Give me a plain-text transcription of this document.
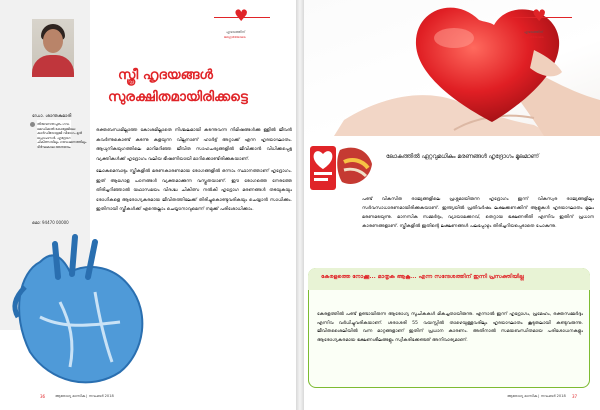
ഡോ. ശാന്തകുമാരി
തിരുവനന്തപുരം ഗവ. മെഡിക്കൽ കോളേജിലെ കാർഡിയോളജി വിഭാഗം മുൻ പ്രൊഫസർ. ഹൃദ്രോഗ ചികിത്സയിലും ഗവേഷണത്തിലും ദീർഘകാല അനുഭവം.
മൊ: 94470 00000
♥
ഹൃദയത്തിന്
ജാഗ്രതയോടെ
സ്ത്രീ ഹൃദയങ്ങൾ
സുരക്ഷിതമായിരിക്കട്ടെ

രക്തബന്ധമില്ലാത്ത കോശമില്ലാതെ നിശ്ചലമായി കടന്നുവന്ന നിമിഷങ്ങൾക്കു ള്ളിൽ ജീവൻ കവർന്നുകൊണ്ട് കടന്നു കളയുന്ന വില്ലനാണ് ഹാർട്ട് അറ്റാക്ക് എന്ന ഹൃദയാഘാതം. ആധുനികയുഗത്തിലെ മാറിമറിഞ്ഞ ജീവിത സാഹചര്യങ്ങളിൽ ജീവിക്കാൻ വിധിക്കപ്പെട്ട വ്യക്തികൾക്ക് ഹൃദ്രോഗം വലിയ ഭീഷണിയായി മാറിക്കൊണ്ടിരിക്കുകയാണ്.

ലോകമെമ്പാടും സ്ത്രീകളിൽ മരണകാരണമായ രോഗങ്ങളിൽ ഒന്നാം സ്ഥാനത്താണ് ഹൃദ്രോഗം. ഇത് ആഗോള പഠനങ്ങൾ വ്യക്തമാക്കുന്ന വസ്തുതയാണ്. ഈ രോഗത്തെ നേരത്തേ തിരിച്ചറിഞ്ഞാൽ യഥാസമയം വിദഗ്ദ്ധ ചികിത്സ നൽകി ഹൃദ്രോഗ മരണങ്ങൾ തടയുകയും രോഗികളെ ആരോഗ്യകരമായ ജീവിതത്തിലേക്ക് തിരിച്ചുകൊണ്ടുവരികയും ചെയ്യാൻ സാധിക്കും. ഇതിനായി സ്ത്രീകൾക്ക് എന്തെല്ലാം ചെയ്യാനാവുമെന്ന് നമുക്ക് പരിശോധിക്കാം.

36	ആരോഗ്യ മാസിക | നവംബർ 2018
♥
ഹൃദയത്തിന്
ജാഗ്രതയോടെ
ലോകത്തിൽ ഏറ്റവുമധികം മരണങ്ങൾ ഹൃദ്രോഗം മൂലമാണ്
പണ്ട് വികസിത രാജ്യങ്ങളിലെ പ്രശ്നമായിരുന്ന ഹൃദ്രോഗം ഇന്ന് വികസ്വര രാജ്യങ്ങളിലും സർവസാധാരണമായിരിക്കുകയാണ്. ഇന്ത്യയിൽ പ്രതിവർഷം ലക്ഷക്കണക്കിന് ആളുകൾ ഹൃദയാഘാതം മൂലം മരണമടയുന്നു. മാനസിക സമ്മർദ്ദം, വ്യായാമക്കുറവ്, തെറ്റായ ഭക്ഷണരീതി എന്നിവ ഇതിന് പ്രധാന കാരണങ്ങളാണ്. സ്ത്രീകളിൽ ഇതിന്റെ ലക്ഷണങ്ങൾ പലപ്പോഴും തിരിച്ചറിയപ്പെടാതെ പോകുന്നു.
കേരളത്തെ നോക്കൂ... മാതൃക ആകൂ... എന്ന സന്ദേശത്തിന് ഇന്നി പ്രസക്തിയില്ല
കേരളത്തിൽ പണ്ട് ഉണ്ടായിരുന്ന ആരോഗ്യ സൂചികകൾ മികച്ചതായിരുന്നു. എന്നാൽ ഇന്ന് ഹൃദ്രോഗം, പ്രമേഹം, രക്തസമ്മർദ്ദം എന്നിവ വർധിച്ചുവരികയാണ്. ശരാശരി 55 വയസ്സിൽ താഴെയുള്ളവരിലും ഹൃദയാഘാതം കൂടുതലായി കണ്ടുവരുന്നു. ജീവിതശൈലിയിൽ വന്ന മാറ്റങ്ങളാണ് ഇതിന് പ്രധാന കാരണം. അതിനാൽ സമയബന്ധിതമായ പരിശോധനകളും ആരോഗ്യകരമായ ഭക്ഷണശീലങ്ങളും സ്വീകരിക്കേണ്ടത് അനിവാര്യമാണ്.
ആരോഗ്യ മാസിക | നവംബർ 2018 37
